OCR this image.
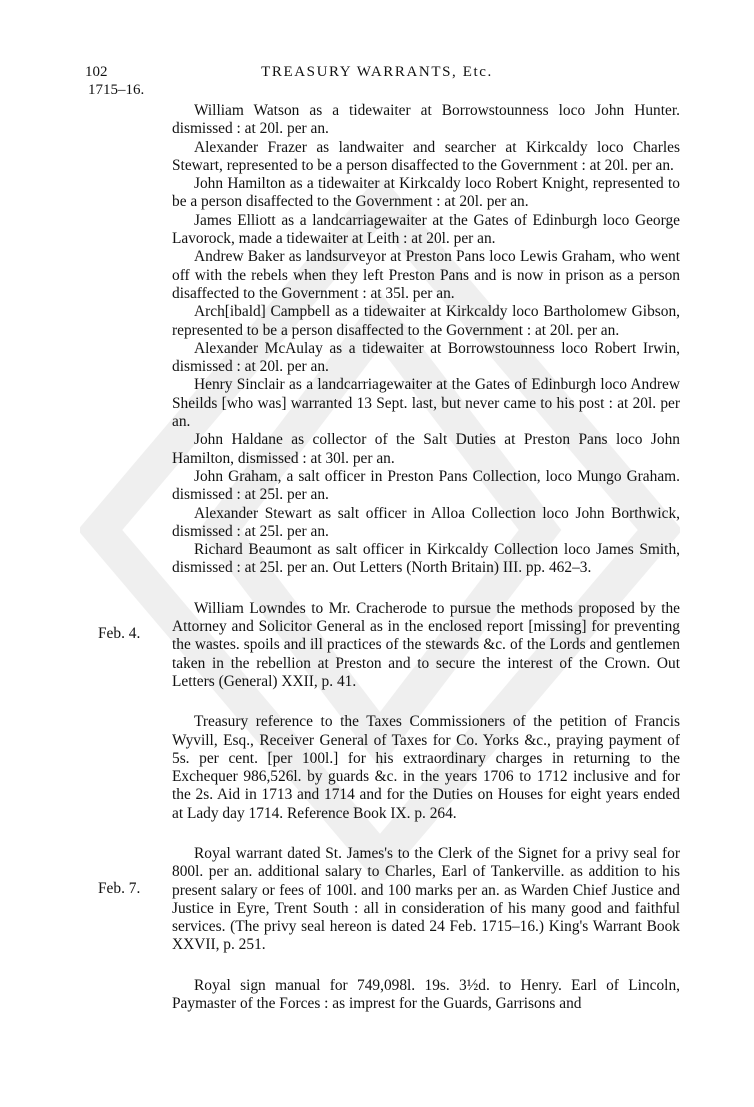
102	TREASURY WARRANTS, Etc.
1715–16.
Feb. 4.
Feb. 7.

William Watson as a tidewaiter at Borrowstounness loco John Hunter. dismissed : at 20l. per an.

Alexander Frazer as landwaiter and searcher at Kirkcaldy loco Charles Stewart, represented to be a person disaffected to the Government : at 20l. per an.

John Hamilton as a tidewaiter at Kirkcaldy loco Robert Knight, represented to be a person disaffected to the Government : at 20l. per an.

James Elliott as a landcarriagewaiter at the Gates of Edinburgh loco George Lavorock, made a tidewaiter at Leith : at 20l. per an.

Andrew Baker as landsurveyor at Preston Pans loco Lewis Graham, who went off with the rebels when they left Preston Pans and is now in prison as a person disaffected to the Government : at 35l. per an.

Arch[ibald] Campbell as a tidewaiter at Kirkcaldy loco Bartholomew Gibson, represented to be a person disaffected to the Government : at 20l. per an.

Alexander McAulay as a tidewaiter at Borrowstounness loco Robert Irwin, dismissed : at 20l. per an.

Henry Sinclair as a landcarriagewaiter at the Gates of Edinburgh loco Andrew Sheilds [who was] warranted 13 Sept. last, but never came to his post : at 20l. per an.

John Haldane as collector of the Salt Duties at Preston Pans loco John Hamilton, dismissed : at 30l. per an.

John Graham, a salt officer in Preston Pans Collection, loco Mungo Graham. dismissed : at 25l. per an.

Alexander Stewart as salt officer in Alloa Collection loco John Borthwick, dismissed : at 25l. per an.

Richard Beaumont as salt officer in Kirkcaldy Collection loco James Smith, dismissed : at 25l. per an. Out Letters (North Britain) III. pp. 462–3.

William Lowndes to Mr. Cracherode to pursue the methods proposed by the Attorney and Solicitor General as in the enclosed report [missing] for preventing the wastes. spoils and ill practices of the stewards &c. of the Lords and gentlemen taken in the rebellion at Preston and to secure the interest of the Crown. Out Letters (General) XXII, p. 41.

Treasury reference to the Taxes Commissioners of the petition of Francis Wyvill, Esq., Receiver General of Taxes for Co. Yorks &c., praying payment of 5s. per cent. [per 100l.] for his extraordinary charges in returning to the Exchequer 986,526l. by guards &c. in the years 1706 to 1712 inclusive and for the 2s. Aid in 1713 and 1714 and for the Duties on Houses for eight years ended at Lady day 1714. Reference Book IX. p. 264.

Royal warrant dated St. James's to the Clerk of the Signet for a privy seal for 800l. per an. additional salary to Charles, Earl of Tankerville. as addition to his present salary or fees of 100l. and 100 marks per an. as Warden Chief Justice and Justice in Eyre, Trent South : all in consideration of his many good and faithful services. (The privy seal hereon is dated 24 Feb. 1715–16.) King's Warrant Book XXVII, p. 251.

Royal sign manual for 749,098l. 19s. 3½d. to Henry. Earl of Lincoln, Paymaster of the Forces : as imprest for the Guards, Garrisons and
